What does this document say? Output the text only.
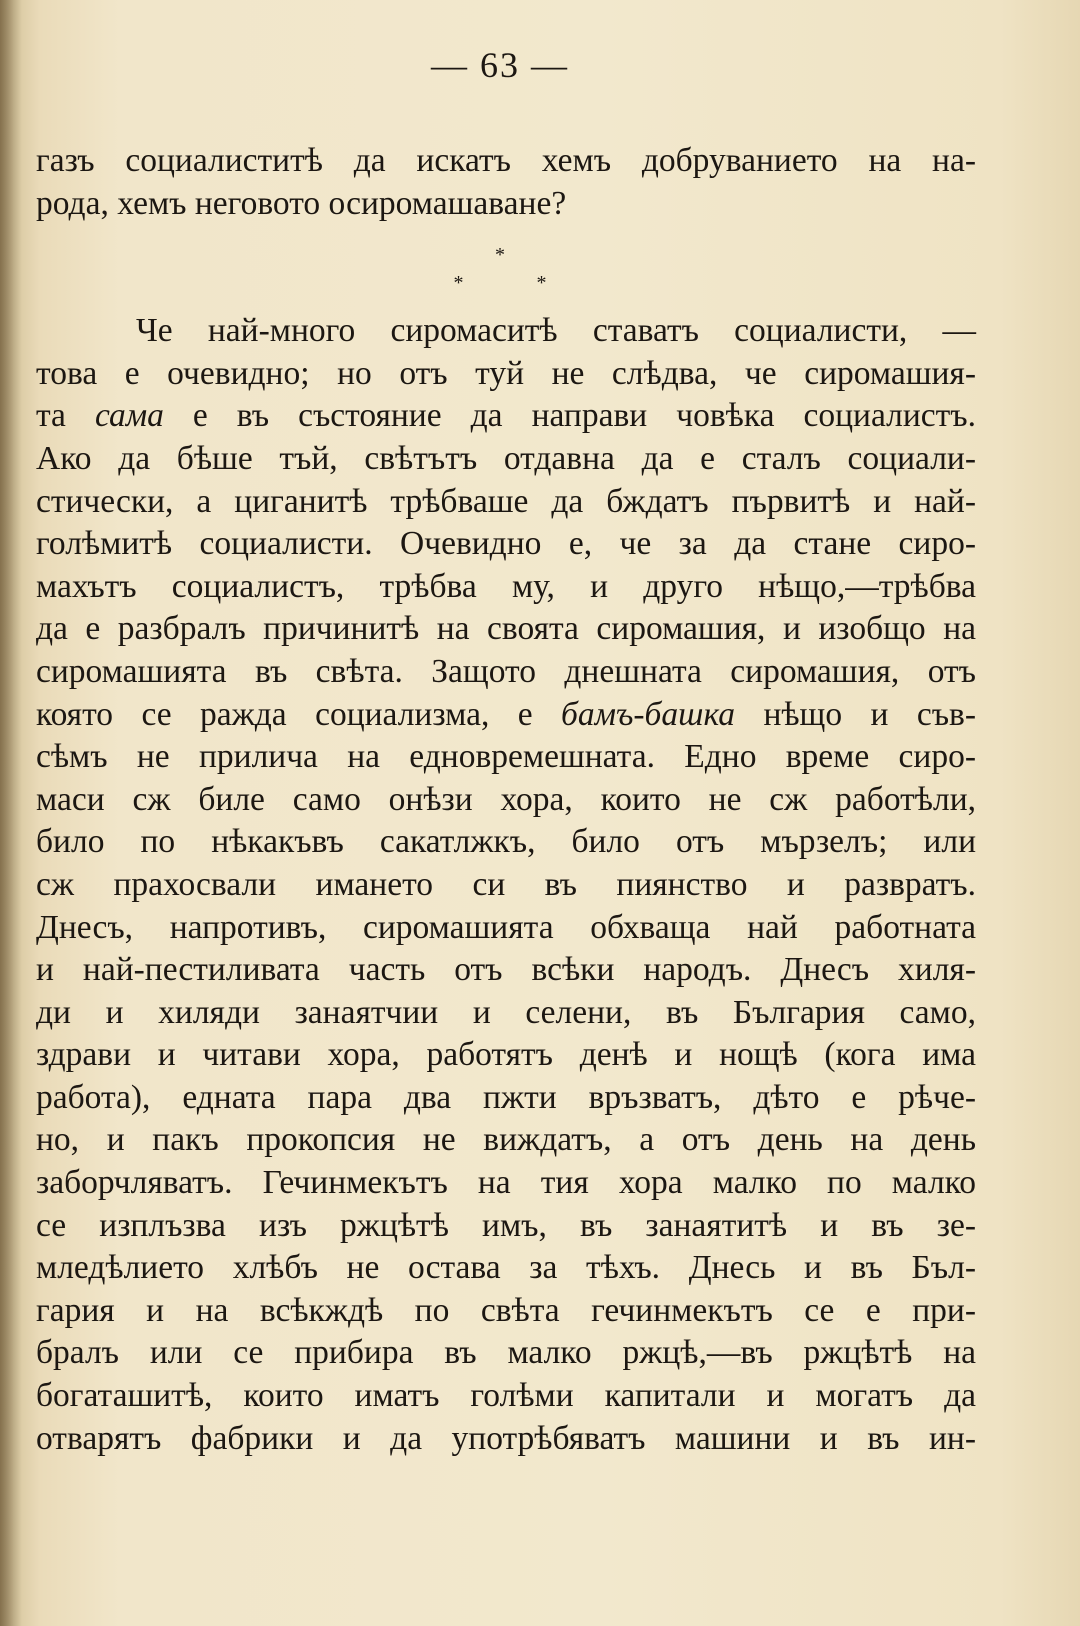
— 63 —
*
* *
газъ социалиститѣ да искатъ хемъ добруванието на на-
рода, хемъ неговото осиромашаване?
Че най-много сиромаситѣ ставатъ социалисти, —
това е очевидно; но отъ туй не слѣдва, че сиромашия-
та сама е въ състояние да направи човѣка социалистъ.
Ако да бѣше тъй, свѣтътъ отдавна да е сталъ социали-
стически, а циганитѣ трѣбваше да бждатъ първитѣ и най-
голѣмитѣ социалисти. Очевидно е, че за да стане сиро-
махътъ социалистъ, трѣбва му, и друго нѣщо,—трѣбва
да е разбралъ причинитѣ на своята сиромашия, и изобщо на
сиромашията въ свѣта. Защото днешната сиромашия, отъ
която се ражда социализма, е бамъ-башка нѣщо и съв-
сѣмъ не прилича на едновремешната. Едно време сиро-
маси сж биле само онѣзи хора, които не сж работѣли,
било по нѣкакъвъ сакатлжкъ, било отъ мързелъ; или
сж прахосвали имането си въ пиянство и развратъ.
Днесъ, напротивъ, сиромашията обхваща най работната
и най-пестиливата часть отъ всѣки народъ. Днесъ хиля-
ди и хиляди занаятчии и селени, въ България само,
здрави и читави хора, работятъ денѣ и нощѣ (кога има
работа), едната пара два пжти връзватъ, дѣто е рѣче-
но, и пакъ прокопсия не виждатъ, а отъ день на день
заборчляватъ. Гечинмекътъ на тия хора малко по малко
се изплъзва изъ ржцѣтѣ имъ, въ занаятитѣ и въ зе-
мледѣлието хлѣбъ не остава за тѣхъ. Днесь и въ Бъл-
гария и на всѣкждѣ по свѣта гечинмекътъ се е при-
бралъ или се прибира въ малко ржцѣ,—въ ржцѣтѣ на
богаташитѣ, които иматъ голѣми капитали и могатъ да
отварятъ фабрики и да употрѣбяватъ машини и въ ин-
